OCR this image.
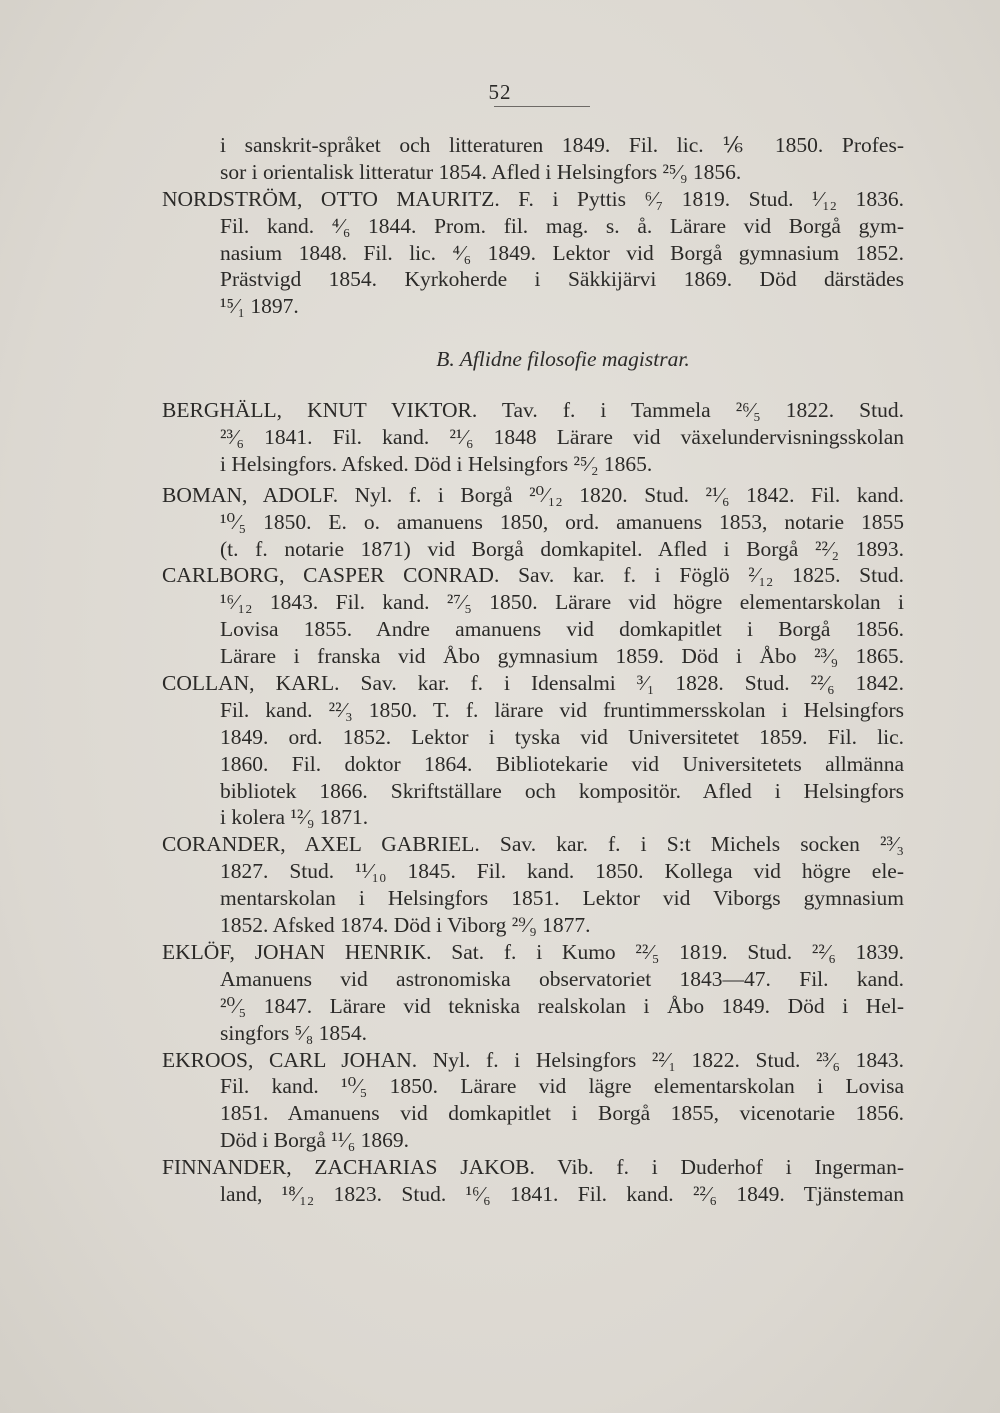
52
i sanskrit-språket och litteraturen 1849. Fil. lic. ⅙ 1850. Profes-
sor i orientalisk litteratur 1854. Afled i Helsingfors ²⁵⁄₉ 1856.
NORDSTRÖM, OTTO MAURITZ. F. i Pyttis ⁶⁄₇ 1819. Stud. ¹⁄₁₂ 1836.
Fil. kand. ⁴⁄₆ 1844. Prom. fil. mag. s. å. Lärare vid Borgå gym-
nasium 1848. Fil. lic. ⁴⁄₆ 1849. Lektor vid Borgå gymnasium 1852.
Prästvigd 1854. Kyrkoherde i Säkkijärvi 1869. Död därstädes
¹⁵⁄₁ 1897.
B. Aflidne filosofie magistrar.
BERGHÄLL, KNUT VIKTOR. Tav. f. i Tammela ²⁶⁄₅ 1822. Stud.
²³⁄₆ 1841. Fil. kand. ²¹⁄₆ 1848 Lärare vid växelundervisningsskolan
i Helsingfors. Afsked. Död i Helsingfors ²⁵⁄₂ 1865.
BOMAN, ADOLF. Nyl. f. i Borgå ²⁰⁄₁₂ 1820. Stud. ²¹⁄₆ 1842. Fil. kand.
¹⁰⁄₅ 1850. E. o. amanuens 1850, ord. amanuens 1853, notarie 1855
(t. f. notarie 1871) vid Borgå domkapitel. Afled i Borgå ²²⁄₂ 1893.
CARLBORG, CASPER CONRAD. Sav. kar. f. i Föglö ²⁄₁₂ 1825. Stud.
¹⁶⁄₁₂ 1843. Fil. kand. ²⁷⁄₅ 1850. Lärare vid högre elementarskolan i
Lovisa 1855. Andre amanuens vid domkapitlet i Borgå 1856.
Lärare i franska vid Åbo gymnasium 1859. Död i Åbo ²³⁄₉ 1865.
COLLAN, KARL. Sav. kar. f. i Idensalmi ³⁄₁ 1828. Stud. ²²⁄₆ 1842.
Fil. kand. ²²⁄₃ 1850. T. f. lärare vid fruntimmersskolan i Helsingfors
1849. ord. 1852. Lektor i tyska vid Universitetet 1859. Fil. lic.
1860. Fil. doktor 1864. Bibliotekarie vid Universitetets allmänna
bibliotek 1866. Skriftställare och kompositör. Afled i Helsingfors
i kolera ¹²⁄₉ 1871.
CORANDER, AXEL GABRIEL. Sav. kar. f. i S:t Michels socken ²³⁄₃
1827. Stud. ¹¹⁄₁₀ 1845. Fil. kand. 1850. Kollega vid högre ele-
mentarskolan i Helsingfors 1851. Lektor vid Viborgs gymnasium
1852. Afsked 1874. Död i Viborg ²⁹⁄₉ 1877.
EKLÖF, JOHAN HENRIK. Sat. f. i Kumo ²²⁄₅ 1819. Stud. ²²⁄₆ 1839.
Amanuens vid astronomiska observatoriet 1843—47. Fil. kand.
²⁰⁄₅ 1847. Lärare vid tekniska realskolan i Åbo 1849. Död i Hel-
singfors ⁵⁄₈ 1854.
EKROOS, CARL JOHAN. Nyl. f. i Helsingfors ²²⁄₁ 1822. Stud. ²³⁄₆ 1843.
Fil. kand. ¹⁰⁄₅ 1850. Lärare vid lägre elementarskolan i Lovisa
1851. Amanuens vid domkapitlet i Borgå 1855, vicenotarie 1856.
Död i Borgå ¹¹⁄₆ 1869.
FINNANDER, ZACHARIAS JAKOB. Vib. f. i Duderhof i Ingerman-
land, ¹⁸⁄₁₂ 1823. Stud. ¹⁶⁄₆ 1841. Fil. kand. ²²⁄₆ 1849. Tjänsteman
